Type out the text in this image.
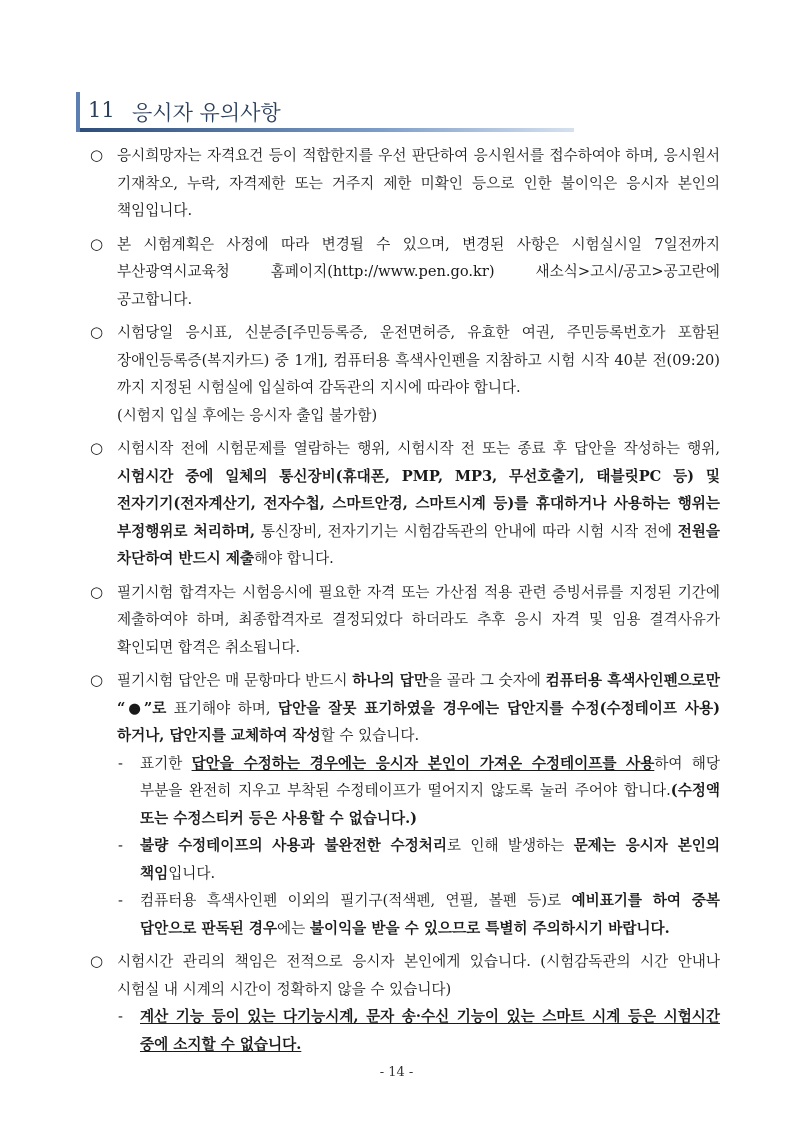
11 응시자 유의사항
○ 응시희망자는 자격요건 등이 적합한지를 우선 판단하여 응시원서를 접수하여야 하며, 응시원서 기재착오, 누락, 자격제한 또는 거주지 제한 미확인 등으로 인한 불이익은 응시자 본인의 책임입니다.
○ 본 시험계획은 사정에 따라 변경될 수 있으며, 변경된 사항은 시험실시일 7일전까지 부산광역시교육청 홈페이지(http://www.pen.go.kr) 새소식>고시/공고>공고란에 공고합니다.
○ 시험당일 응시표, 신분증[주민등록증, 운전면허증, 유효한 여권, 주민등록번호가 포함된 장애인등록증(복지카드) 중 1개], 컴퓨터용 흑색사인펜을 지참하고 시험 시작 40분 전(09:20)까지 지정된 시험실에 입실하여 감독관의 지시에 따라야 합니다.
(시험지 입실 후에는 응시자 출입 불가함)
○ 시험시작 전에 시험문제를 열람하는 행위, 시험시작 전 또는 종료 후 답안을 작성하는 행위, 시험시간 중에 일체의 통신장비(휴대폰, PMP, MP3, 무선호출기, 태블릿PC 등) 및 전자기기(전자계산기, 전자수첩, 스마트안경, 스마트시계 등)를 휴대하거나 사용하는 행위는 부정행위로 처리하며, 통신장비, 전자기기는 시험감독관의 안내에 따라 시험 시작 전에 전원을 차단하여 반드시 제출해야 합니다.
○ 필기시험 합격자는 시험응시에 필요한 자격 또는 가산점 적용 관련 증빙서류를 지정된 기간에 제출하여야 하며, 최종합격자로 결정되었다 하더라도 추후 응시 자격 및 임용 결격사유가 확인되면 합격은 취소됩니다.
○ 필기시험 답안은 매 문항마다 반드시 하나의 답만을 골라 그 숫자에 컴퓨터용 흑색사인펜으로만 “●”로 표기해야 하며, 답안을 잘못 표기하였을 경우에는 답안지를 수정(수정테이프 사용)하거나, 답안지를 교체하여 작성할 수 있습니다.
- 표기한 답안을 수정하는 경우에는 응시자 본인이 가져온 수정테이프를 사용하여 해당 부분을 완전히 지우고 부착된 수정테이프가 떨어지지 않도록 눌러 주어야 합니다.(수정액 또는 수정스티커 등은 사용할 수 없습니다.)
- 불량 수정테이프의 사용과 불완전한 수정처리로 인해 발생하는 문제는 응시자 본인의 책임입니다.
- 컴퓨터용 흑색사인펜 이외의 필기구(적색펜, 연필, 볼펜 등)로 예비표기를 하여 중복 답안으로 판독된 경우에는 불이익을 받을 수 있으므로 특별히 주의하시기 바랍니다.
○ 시험시간 관리의 책임은 전적으로 응시자 본인에게 있습니다. (시험감독관의 시간 안내나 시험실 내 시계의 시간이 정확하지 않을 수 있습니다)
- 계산 기능 등이 있는 다기능시계, 문자 송·수신 기능이 있는 스마트 시계 등은 시험시간 중에 소지할 수 없습니다.
- 14 -
